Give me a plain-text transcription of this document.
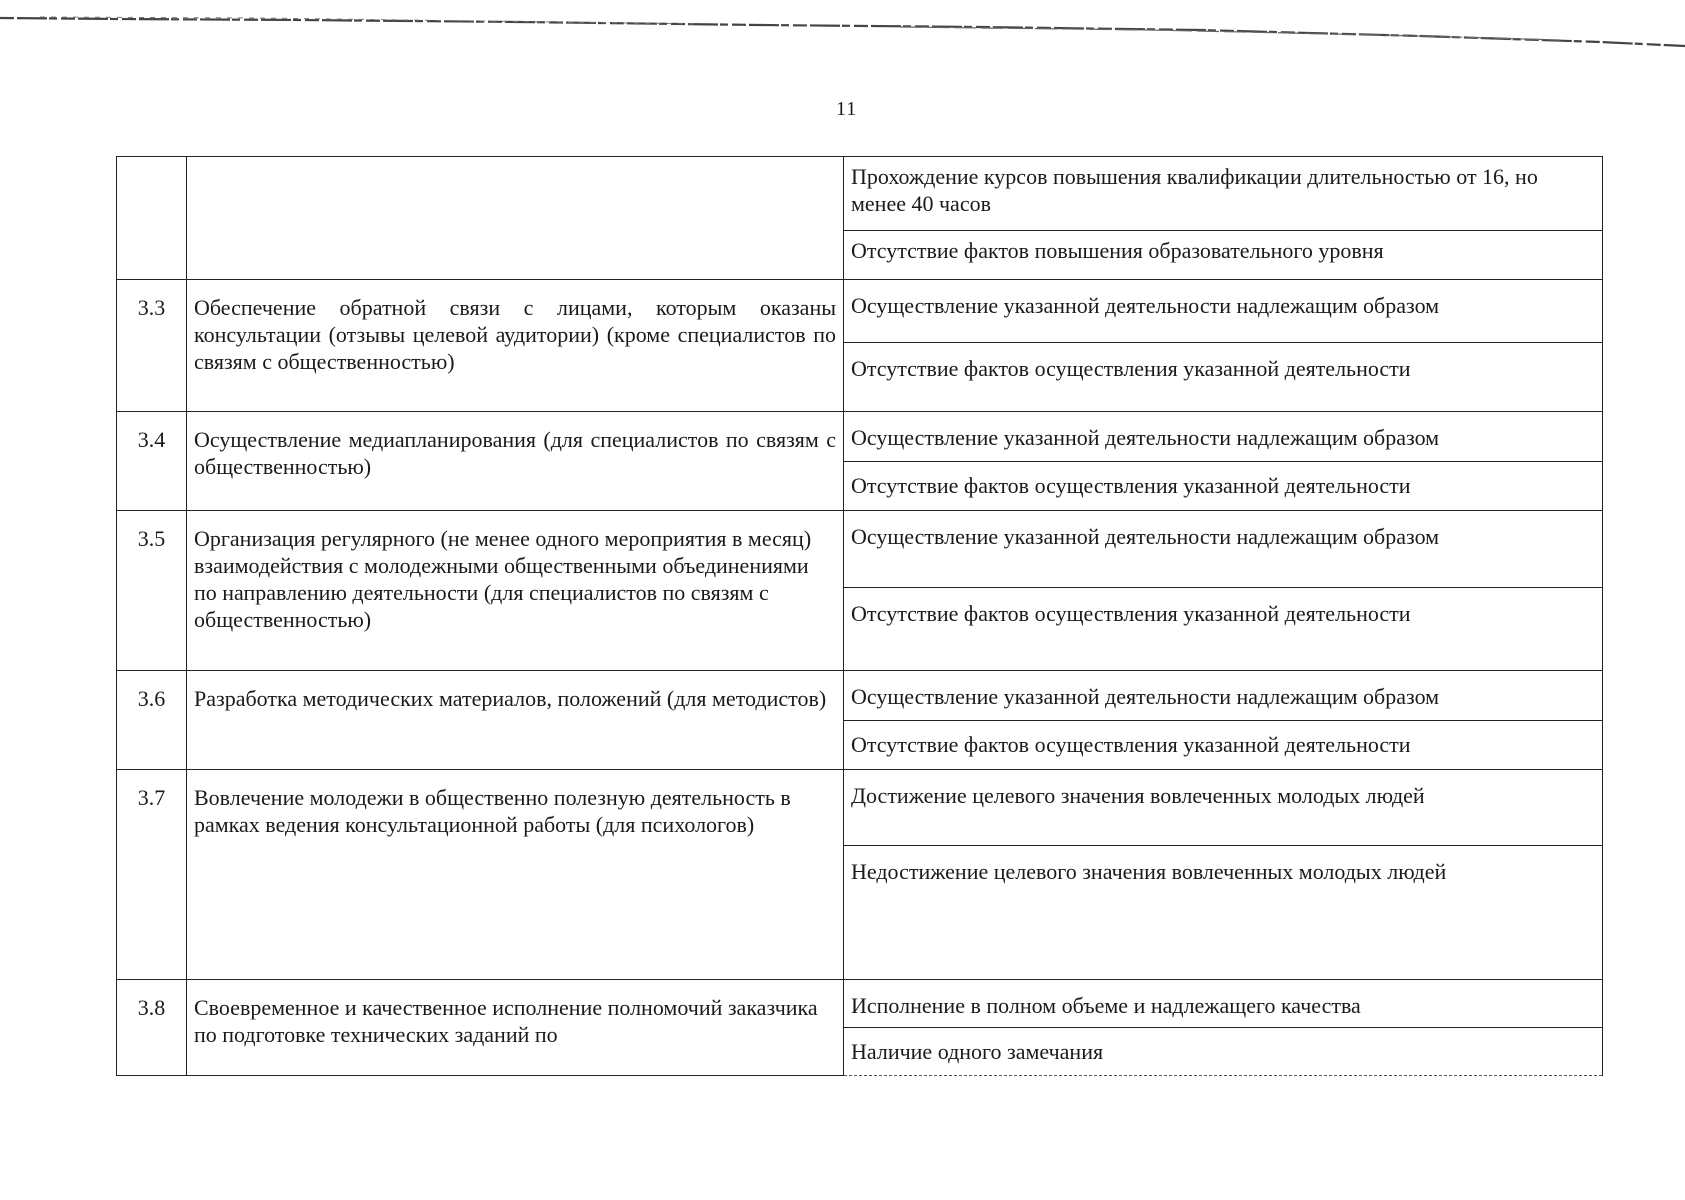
11
		Прохождение курсов повышения квалификации длительностью от 16, но менее 40 часов
		Отсутствие фактов повышения образовательного уровня
3.3	Обеспечение обратной связи с лицами, которым оказаны консультации (отзывы целевой аудитории) (кроме специалистов по связям с общественностью)	Осуществление указанной деятельности надлежащим образом
		Отсутствие фактов осуществления указанной деятельности
3.4	Осуществление медиапланирования (для специалистов по связям с общественностью)	Осуществление указанной деятельности надлежащим образом
		Отсутствие фактов осуществления указанной деятельности
3.5	Организация регулярного (не менее одного мероприятия в месяц) взаимодействия с молодежными общественными объединениями по направлению деятельности (для специалистов по связям с общественностью)	Осуществление указанной деятельности надлежащим образом
		Отсутствие фактов осуществления указанной деятельности
3.6	Разработка методических материалов, положений (для методистов)	Осуществление указанной деятельности надлежащим образом
		Отсутствие фактов осуществления указанной деятельности
3.7	Вовлечение молодежи в общественно полезную деятельность в рамках ведения консультационной работы (для психологов)	Достижение целевого значения вовлеченных молодых людей
		Недостижение целевого значения вовлеченных молодых людей
3.8	Своевременное и качественное исполнение полномочий заказчика по подготовке технических заданий по	Исполнение в полном объеме и надлежащего качества
		Наличие одного замечания
